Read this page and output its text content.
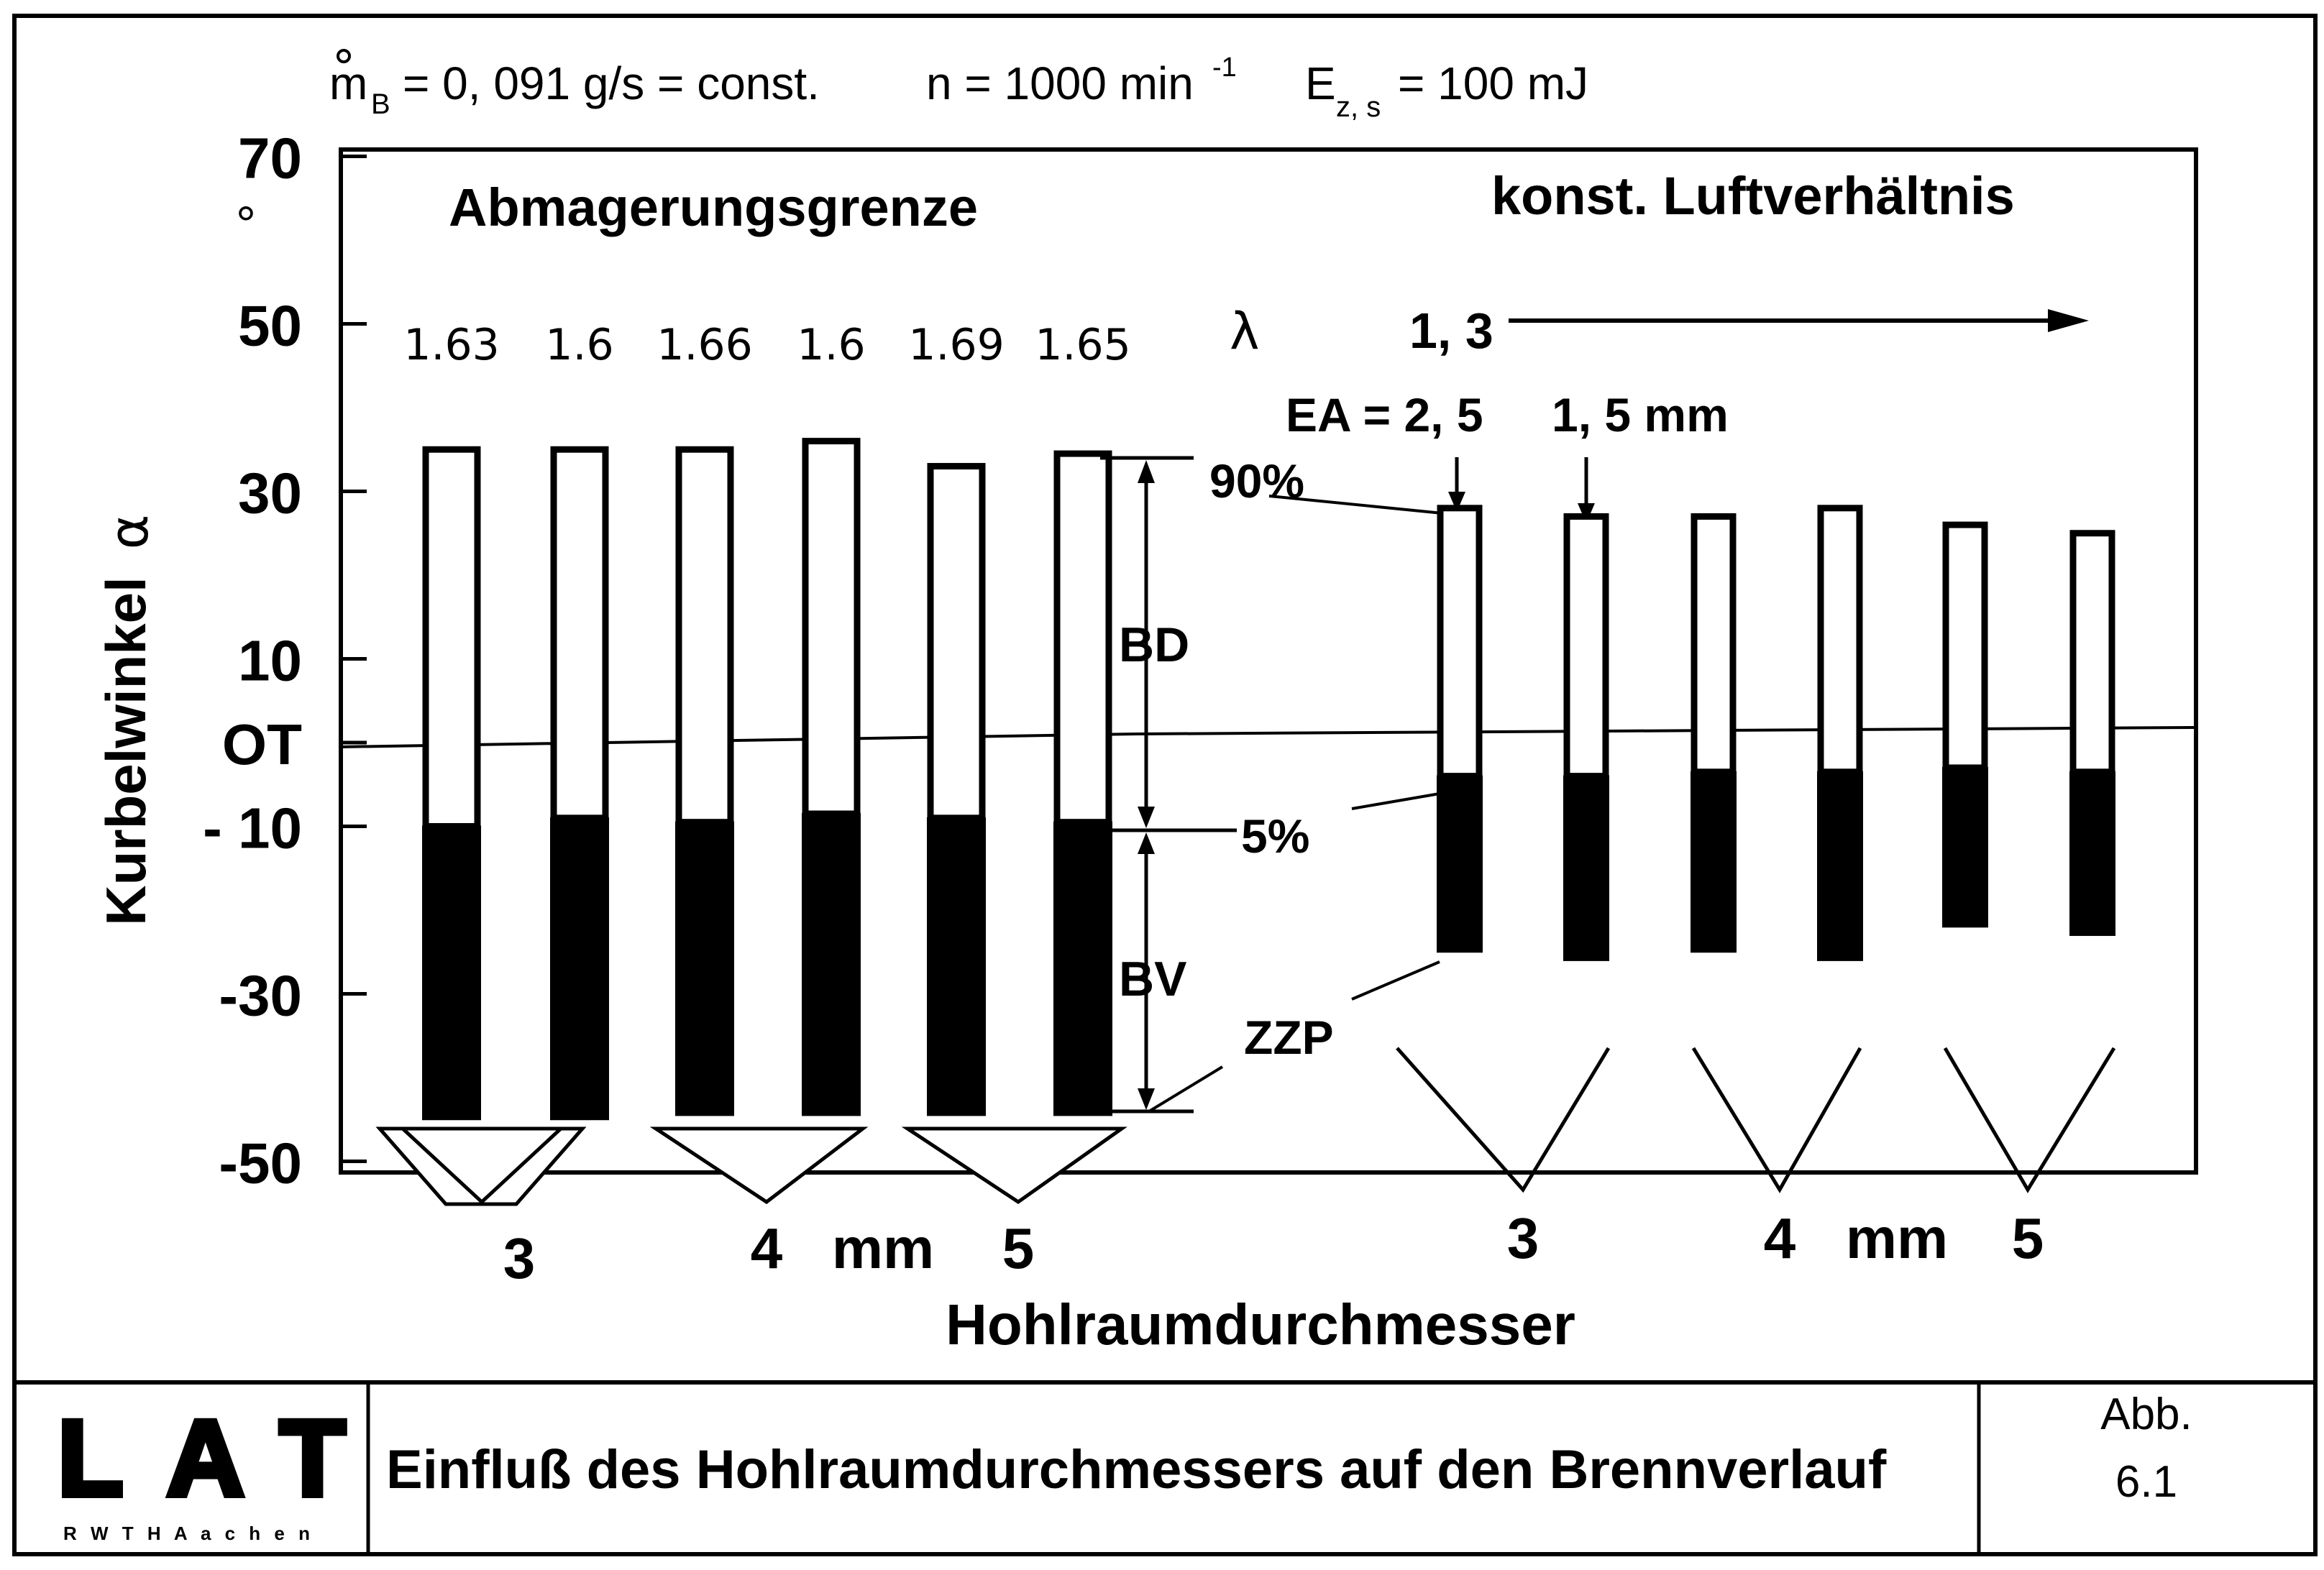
m B = 0, 091 g/s = const. n = 1000 min -1 E z, s = 100 mJ
70
50
30
10
OT
- 10
-30
-50
°
Kurbelwinkel
α
Abmagerungsgrenze	konst. Luftverhältnis
1.63 1.6 1.66 1.6 1.69 1.65 λ	1, 3
EA = 2, 5 1, 5 mm
BD
BV
90%
5%
ZZP
3	4 mm 5	3	4 mm 5
Hohlraumdurchmesser
LAT
R W T H A a c h e n
Einfluß des Hohlraumdurchmessers auf den Brennverlauf
Abb.
6.1
